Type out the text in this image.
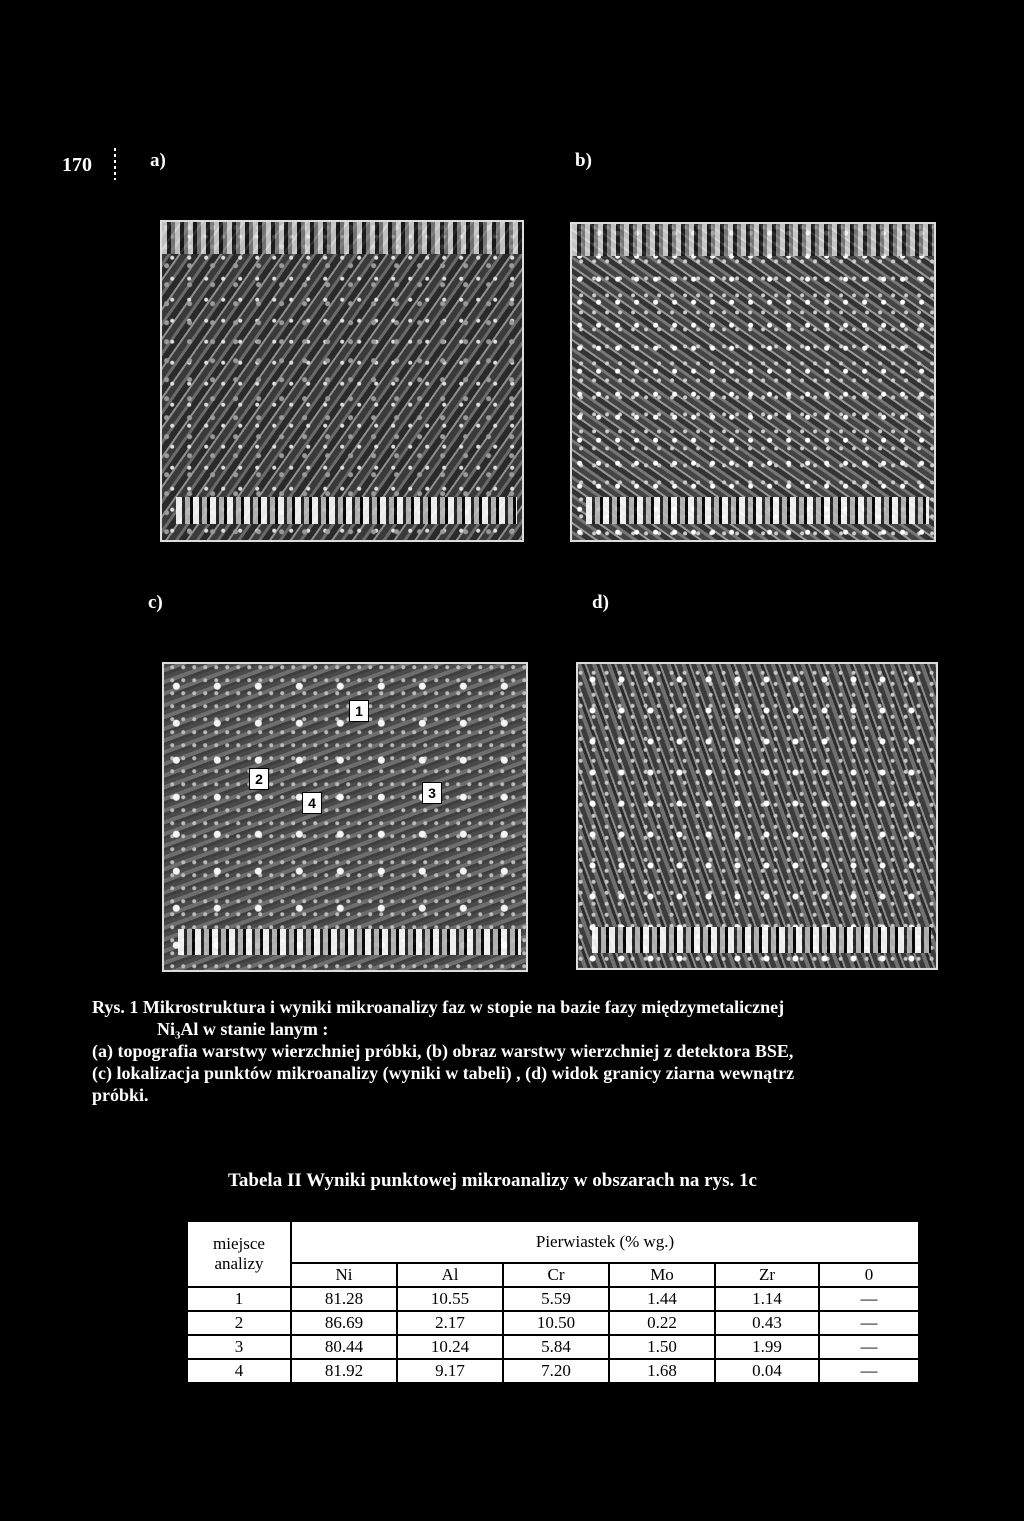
170	a)	b)
c)	d)
1
2
3
4

Rys. 1 Mikrostruktura i wyniki mikroanalizy faz w stopie na bazie fazy międzymetalicznej

Ni₃Al w stanie lanym :

(a) topografia warstwy wierzchniej próbki, (b) obraz warstwy wierzchniej z detektora BSE,

(c) lokalizacja punktów mikroanalizy (wyniki w tabeli) , (d) widok granicy ziarna wewnątrz

próbki.

Tabela II Wyniki punktowej mikroanalizy w obszarach na rys. 1c
miejsce analizy	Pierwiastek (% wg.)					
	Ni	Al	Cr	Mo	Zr	0
1	81.28	10.55	5.59	1.44	1.14	—
2	86.69	2.17	10.50	0.22	0.43	—
3	80.44	10.24	5.84	1.50	1.99	—
4	81.92	9.17	7.20	1.68	0.04	—
